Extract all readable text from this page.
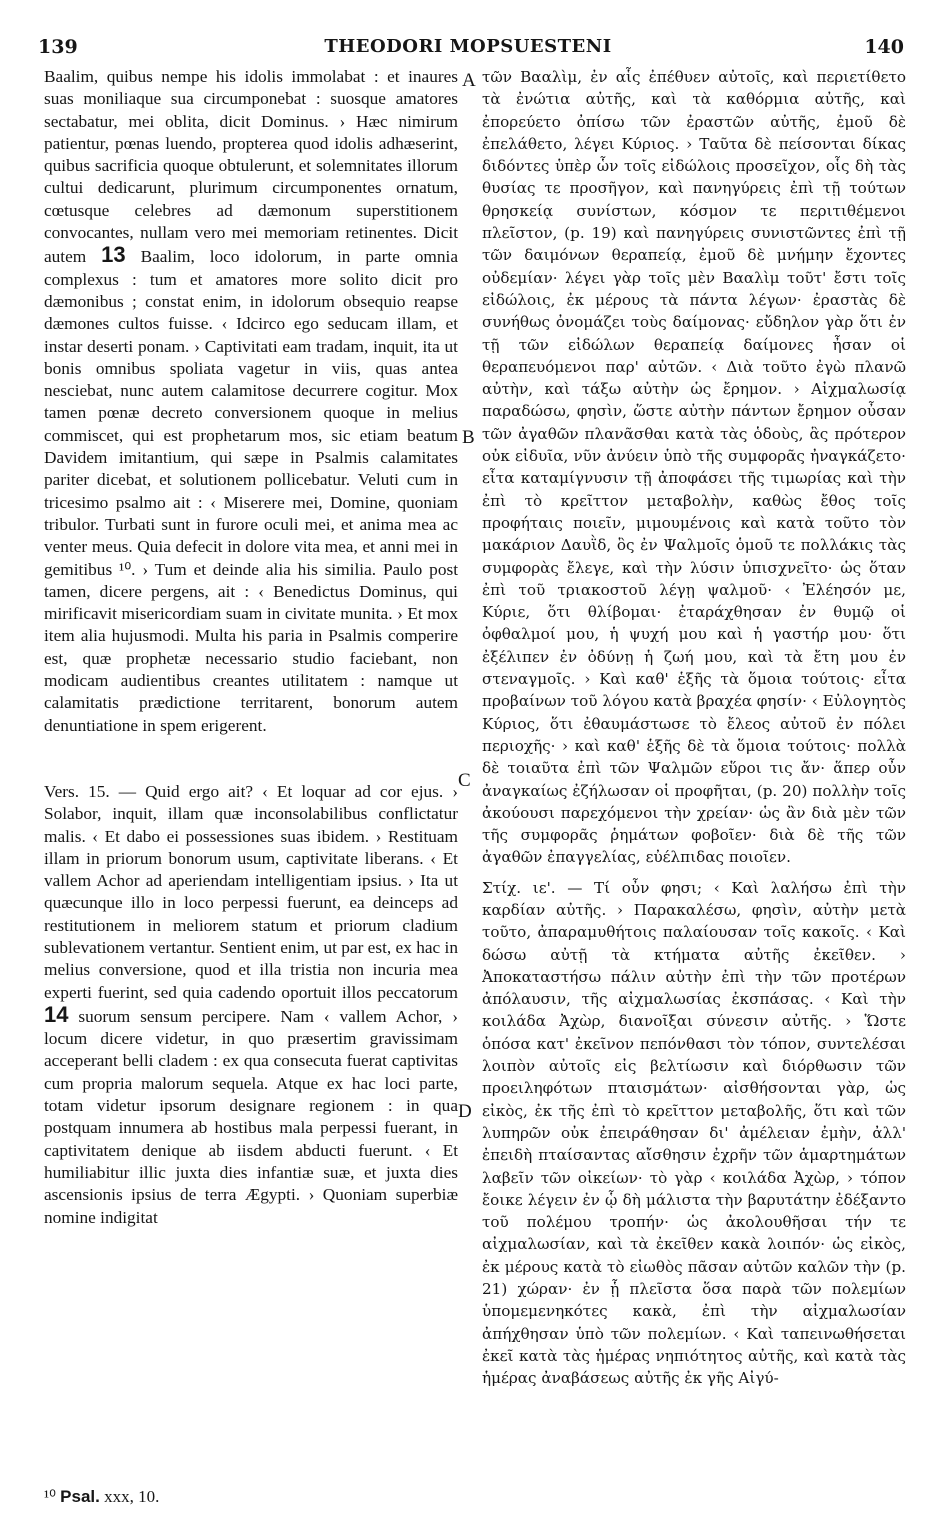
THEODORI MOPSUESTENI
139	140

Baalim, quibus nempe his idolis immolabat : et inaures suas moniliaque sua circumponebat : suosque amatores sectabatur, mei oblita, dicit Dominus. › Hæc nimirum patientur, pœnas luendo, propterea quod idolis adhæserint, quibus sacrificia quoque obtulerunt, et solemnitates illorum cultui dedicarunt, plurimum circumponentes ornatum, cœtusque celebres ad dæmonum superstitionem convocantes, nullam vero mei memoriam retinentes. Dicit autem 13 Baalim, loco idolorum, in parte omnia complexus : tum et amatores more solito dicit pro dæmonibus ; constat enim, in idolorum obsequio reapse dæmones cultos fuisse. ‹ Idcirco ego seducam illam, et instar deserti ponam. › Captivitati eam tradam, inquit, ita ut bonis omnibus spoliata vagetur in viis, quas antea nesciebat, nunc autem calamitose decurrere cogitur. Mox tamen pœnæ decreto conversionem quoque in melius commiscet, qui est prophetarum mos, sic etiam beatum Davidem imitantium, qui sæpe in Psalmis calamitates pariter dicebat, et solutionem pollicebatur. Veluti cum in tricesimo psalmo ait : ‹ Miserere mei, Domine, quoniam tribulor. Turbati sunt in furore oculi mei, et anima mea ac venter meus. Quia defecit in dolore vita mea, et anni mei in gemitibus ¹⁰. › Tum et deinde alia his similia. Paulo post tamen, dicere pergens, ait : ‹ Benedictus Dominus, qui mirificavit misericordiam suam in civitate munita. › Et mox item alia hujusmodi. Multa his paria in Psalmis comperire est, quæ prophetæ necessario studio faciebant, non modicam audientibus creantes utilitatem : namque ut calamitatis prædictione territarent, bonorum autem denuntiatione in spem erigerent.

Vers. 15. — Quid ergo ait? ‹ Et loquar ad cor ejus. › Solabor, inquit, illam quæ inconsolabilibus conflictatur malis. ‹ Et dabo ei possessiones suas ibidem. › Restituam illam in priorum bonorum usum, captivitate liberans. ‹ Et vallem Achor ad aperiendam intelligentiam ipsius. › Ita ut quæcunque illo in loco perpessi fuerunt, ea deinceps ad restitutionem in meliorem statum et priorum cladium sublevationem vertantur. Sentient enim, ut par est, ex hac in melius conversione, quod et illa tristia non incuria mea experti fuerint, sed quia cadendo oportuit illos peccatorum 14 suorum sensum percipere. Nam ‹ vallem Achor, › locum dicere videtur, in quo præsertim gravissimam acceperant belli cladem : ex qua consecuta fuerat captivitas cum propria malorum sequela. Atque ex hac loci parte, totam videtur ipsorum designare regionem : in qua postquam innumera ab hostibus mala perpessi fuerant, in captivitatem denique ab iisdem abducti fuerunt. ‹ Et humiliabitur illic juxta dies infantiæ suæ, et juxta dies ascensionis ipsius de terra Ægypti. › Quoniam superbiæ nomine indigitat

A
B
C
D

τῶν Βααλὶμ, ἐν αἷς ἐπέθυεν αὐτοῖς, καὶ περιετίθετο τὰ ἐνώτια αὐτῆς, καὶ τὰ καθόρμια αὐτῆς, καὶ ἐπορεύετο ὀπίσω τῶν ἐραστῶν αὐτῆς, ἐμοῦ δὲ ἐπελάθετο, λέγει Κύριος. › Ταῦτα δὲ πείσονται δίκας διδόντες ὑπὲρ ὧν τοῖς εἰδώλοις προσεῖχον, οἷς δὴ τὰς θυσίας τε προσῆγον, καὶ πανηγύρεις ἐπὶ τῇ τούτων θρησκείᾳ συνίστων, κόσμον τε περιτιθέμενοι πλεῖστον, (p. 19) καὶ πανηγύρεις συνιστῶντες ἐπὶ τῇ τῶν δαιμόνων θεραπείᾳ, ἐμοῦ δὲ μνήμην ἔχοντες οὐδεμίαν· λέγει γὰρ τοῖς μὲν Βααλὶμ τοῦτ' ἔστι τοῖς εἰδώλοις, ἐκ μέρους τὰ πάντα λέγων· ἐραστὰς δὲ συνήθως ὀνομάζει τοὺς δαίμονας· εὔδηλον γὰρ ὅτι ἐν τῇ τῶν εἰδώλων θεραπείᾳ δαίμονες ἦσαν οἱ θεραπευόμενοι παρ' αὐτῶν. ‹ Διὰ τοῦτο ἐγὼ πλανῶ αὐτὴν, καὶ τάξω αὐτὴν ὡς ἔρημον. › Αἰχμαλωσίᾳ παραδώσω, φησὶν, ὥστε αὐτὴν πάντων ἔρημον οὖσαν τῶν ἀγαθῶν πλανᾶσθαι κατὰ τὰς ὁδοὺς, ἃς πρότερον οὐκ εἰδυῖα, νῦν ἀνύειν ὑπὸ τῆς συμφορᾶς ἠναγκάζετο· εἶτα καταμίγνυσιν τῇ ἀποφάσει τῆς τιμωρίας καὶ τὴν ἐπὶ τὸ κρεῖττον μεταβολὴν, καθὼς ἔθος τοῖς προφήταις ποιεῖν, μιμουμένοις καὶ κατὰ τοῦτο τὸν μακάριον Δαυῒδ, ὃς ἐν Ψαλμοῖς ὁμοῦ τε πολλάκις τὰς συμφορὰς ἔλεγε, καὶ τὴν λύσιν ὑπισχνεῖτο· ὡς ὅταν ἐπὶ τοῦ τριακοστοῦ λέγῃ ψαλμοῦ· ‹ Ἐλέησόν με, Κύριε, ὅτι θλίβομαι· ἐταράχθησαν ἐν θυμῷ οἱ ὀφθαλμοί μου, ἡ ψυχή μου καὶ ἡ γαστήρ μου· ὅτι ἐξέλιπεν ἐν ὀδύνῃ ἡ ζωή μου, καὶ τὰ ἔτη μου ἐν στεναγμοῖς. › Καὶ καθ' ἑξῆς τὰ ὅμοια τούτοις· εἶτα προβαίνων τοῦ λόγου κατὰ βραχέα φησίν· ‹ Εὐλογητὸς Κύριος, ὅτι ἐθαυμάστωσε τὸ ἔλεος αὐτοῦ ἐν πόλει περιοχῆς· › καὶ καθ' ἑξῆς δὲ τὰ ὅμοια τούτοις· πολλὰ δὲ τοιαῦτα ἐπὶ τῶν Ψαλμῶν εὕροι τις ἄν· ἅπερ οὖν ἀναγκαίως ἐζήλωσαν οἱ προφῆται, (p. 20) πολλὴν τοῖς ἀκούουσι παρεχόμενοι τὴν χρείαν· ὡς ἂν διὰ μὲν τῶν τῆς συμφορᾶς ῥημάτων φοβοῖεν· διὰ δὲ τῆς τῶν ἀγαθῶν ἐπαγγελίας, εὐέλπιδας ποιοῖεν.

Στίχ. ιε'. — Τί οὖν φησι; ‹ Καὶ λαλήσω ἐπὶ τὴν καρδίαν αὐτῆς. › Παρακαλέσω, φησὶν, αὐτὴν μετὰ τοῦτο, ἀπαραμυθήτοις παλαίουσαν τοῖς κακοῖς. ‹ Καὶ δώσω αὐτῇ τὰ κτήματα αὐτῆς ἐκεῖθεν. › Ἀποκαταστήσω πάλιν αὐτὴν ἐπὶ τὴν τῶν προτέρων ἀπόλαυσιν, τῆς αἰχμαλωσίας ἐκσπάσας. ‹ Καὶ τὴν κοιλάδα Ἀχὼρ, διανοῖξαι σύνεσιν αὐτῆς. › Ὥστε ὁπόσα κατ' ἐκεῖνον πεπόνθασι τὸν τόπον, συντελέσαι λοιπὸν αὐτοῖς εἰς βελτίωσιν καὶ διόρθωσιν τῶν προειληφότων πταισμάτων· αἰσθήσονται γὰρ, ὡς εἰκὸς, ἐκ τῆς ἐπὶ τὸ κρεῖττον μεταβολῆς, ὅτι καὶ τῶν λυπηρῶν οὐκ ἐπειράθησαν δι' ἀμέλειαν ἐμὴν, ἀλλ' ἐπειδὴ πταίσαντας αἴσθησιν ἐχρῆν τῶν ἁμαρτημάτων λαβεῖν τῶν οἰκείων· τὸ γὰρ ‹ κοιλάδα Ἀχὼρ, › τόπον ἔοικε λέγειν ἐν ᾧ δὴ μάλιστα τὴν βαρυτάτην ἐδέξαντο τοῦ πολέμου τροπήν· ὡς ἀκολουθῆσαι τήν τε αἰχμαλωσίαν, καὶ τὰ ἐκεῖθεν κακὰ λοιπόν· ὡς εἰκὸς, ἐκ μέρους κατὰ τὸ εἰωθὸς πᾶσαν αὐτῶν καλῶν τὴν (p. 21) χώραν· ἐν ᾗ πλεῖστα ὅσα παρὰ τῶν πολεμίων ὑπομεμενηκότες κακὰ, ἐπὶ τὴν αἰχμαλωσίαν ἀπήχθησαν ὑπὸ τῶν πολεμίων. ‹ Καὶ ταπεινωθήσεται ἐκεῖ κατὰ τὰς ἡμέρας νηπιότητος αὐτῆς, καὶ κατὰ τὰς ἡμέρας ἀναβάσεως αὐτῆς ἐκ γῆς Αἰγύ-

¹⁰ Psal. xxx, 10.
